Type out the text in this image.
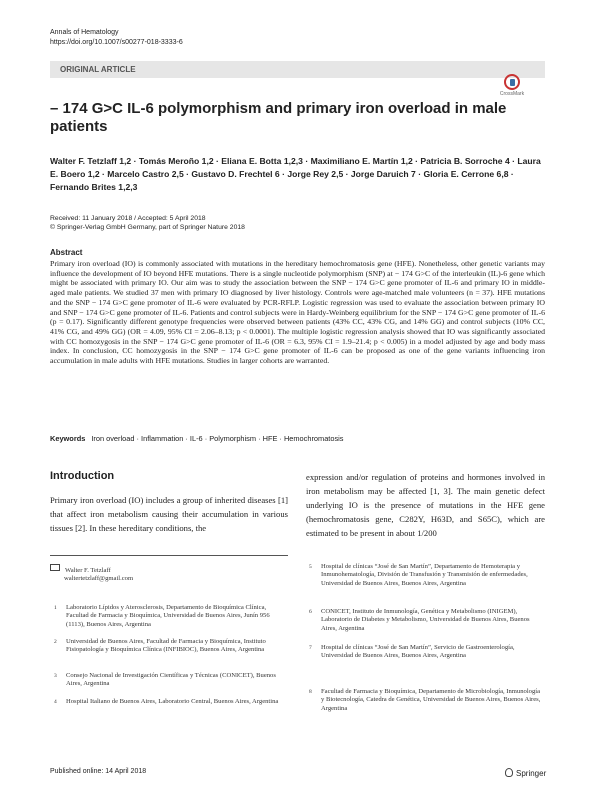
Annals of Hematology
https://doi.org/10.1007/s00277-018-3333-6
ORIGINAL ARTICLE
CrossMark
– 174 G>C IL-6 polymorphism and primary iron overload in male patients
Walter F. Tetzlaff 1,2 · Tomás Meroño 1,2 · Eliana E. Botta 1,2,3 · Maximiliano E. Martín 1,2 · Patricia B. Sorroche 4 · Laura E. Boero 1,2 · Marcelo Castro 2,5 · Gustavo D. Frechtel 6 · Jorge Rey 2,5 · Jorge Daruich 7 · Gloria E. Cerrone 6,8 · Fernando Brites 1,2,3
Received: 11 January 2018 / Accepted: 5 April 2018
© Springer-Verlag GmbH Germany, part of Springer Nature 2018
Abstract
Primary iron overload (IO) is commonly associated with mutations in the hereditary hemochromatosis gene (HFE). Nonetheless, other genetic variants may influence the development of IO beyond HFE mutations. There is a single nucleotide polymorphism (SNP) at − 174 G>C of the interleukin (IL)-6 gene which might be associated with primary IO. Our aim was to study the association between the SNP − 174 G>C gene promoter of IL-6 and primary IO in middle-aged male patients. We studied 37 men with primary IO diagnosed by liver histology. Controls were age-matched male volunteers (n = 37). HFE mutations and the SNP − 174 G>C gene promoter of IL-6 were evaluated by PCR-RFLP. Logistic regression was used to evaluate the association between primary IO and SNP − 174 G>C gene promoter of IL-6. Patients and control subjects were in Hardy-Weinberg equilibrium for the SNP − 174 G>C gene promoter of IL-6 (p = 0.17). Significantly different genotype frequencies were observed between patients (43% CC, 43% CG, and 14% GG) and control subjects (10% CC, 41% CG, and 49% GG) (OR = 4.09, 95% CI = 2.06–8.13; p < 0.0001). The multiple logistic regression analysis showed that IO was significantly associated with CC homozygosis in the SNP − 174 G>C gene promoter of IL-6 (OR = 6.3, 95% CI = 1.9–21.4; p < 0.005) in a model adjusted by age and body mass index. In conclusion, CC homozygosis in the SNP − 174 G>C gene promoter of IL-6 can be proposed as one of the gene variants influencing iron accumulation in male adults with HFE mutations. Studies in larger cohorts are warranted.
Keywords Iron overload · Inflammation · IL-6 · Polymorphism · HFE · Hemochromatosis
Introduction
Primary iron overload (IO) includes a group of inherited diseases [1] that affect iron metabolism causing their accumulation in various tissues [2]. In these hereditary conditions, the
expression and/or regulation of proteins and hormones involved in iron metabolism may be affected [1, 3]. The main genetic defect underlying IO is the presence of mutations in the HFE gene (hemochromatosis gene, C282Y, H63D, and S65C), which are estimated to be present in about 1/200
Walter F. Tetzlaff
waltertetzlaff@gmail.com
1 Laboratorio Lípidos y Aterosclerosis, Departamento de Bioquímica Clínica, Facultad de Farmacia y Bioquímica, Universidad de Buenos Aires, Junín 956 (1113), Buenos Aires, Argentina
2 Universidad de Buenos Aires, Facultad de Farmacia y Bioquímica, Instituto Fisiopatología y Bioquímica Clínica (INFIBIOC), Buenos Aires, Argentina
3 Consejo Nacional de Investigación Científicas y Técnicas (CONICET), Buenos Aires, Argentina
4 Hospital Italiano de Buenos Aires, Laboratorio Central, Buenos Aires, Argentina
5 Hospital de clínicas “José de San Martín”, Departamento de Hemoterapia y Inmunohematología, División de Transfusión y Transmisión de enfermedades, Universidad de Buenos Aires, Buenos Aires, Argentina
6 CONICET, Instituto de Inmunología, Genética y Metabolismo (INIGEM), Laboratorio de Diabetes y Metabolismo, Universidad de Buenos Aires, Buenos Aires, Argentina
7 Hospital de clínicas “José de San Martín”, Servicio de Gastroenterología, Universidad de Buenos Aires, Buenos Aires, Argentina
8 Facultad de Farmacia y Bioquímica, Departamento de Microbiología, Inmunología y Biotecnología, Catedra de Genética, Universidad de Buenos Aires, Buenos Aires, Argentina
Published online: 14 April 2018	Springer
